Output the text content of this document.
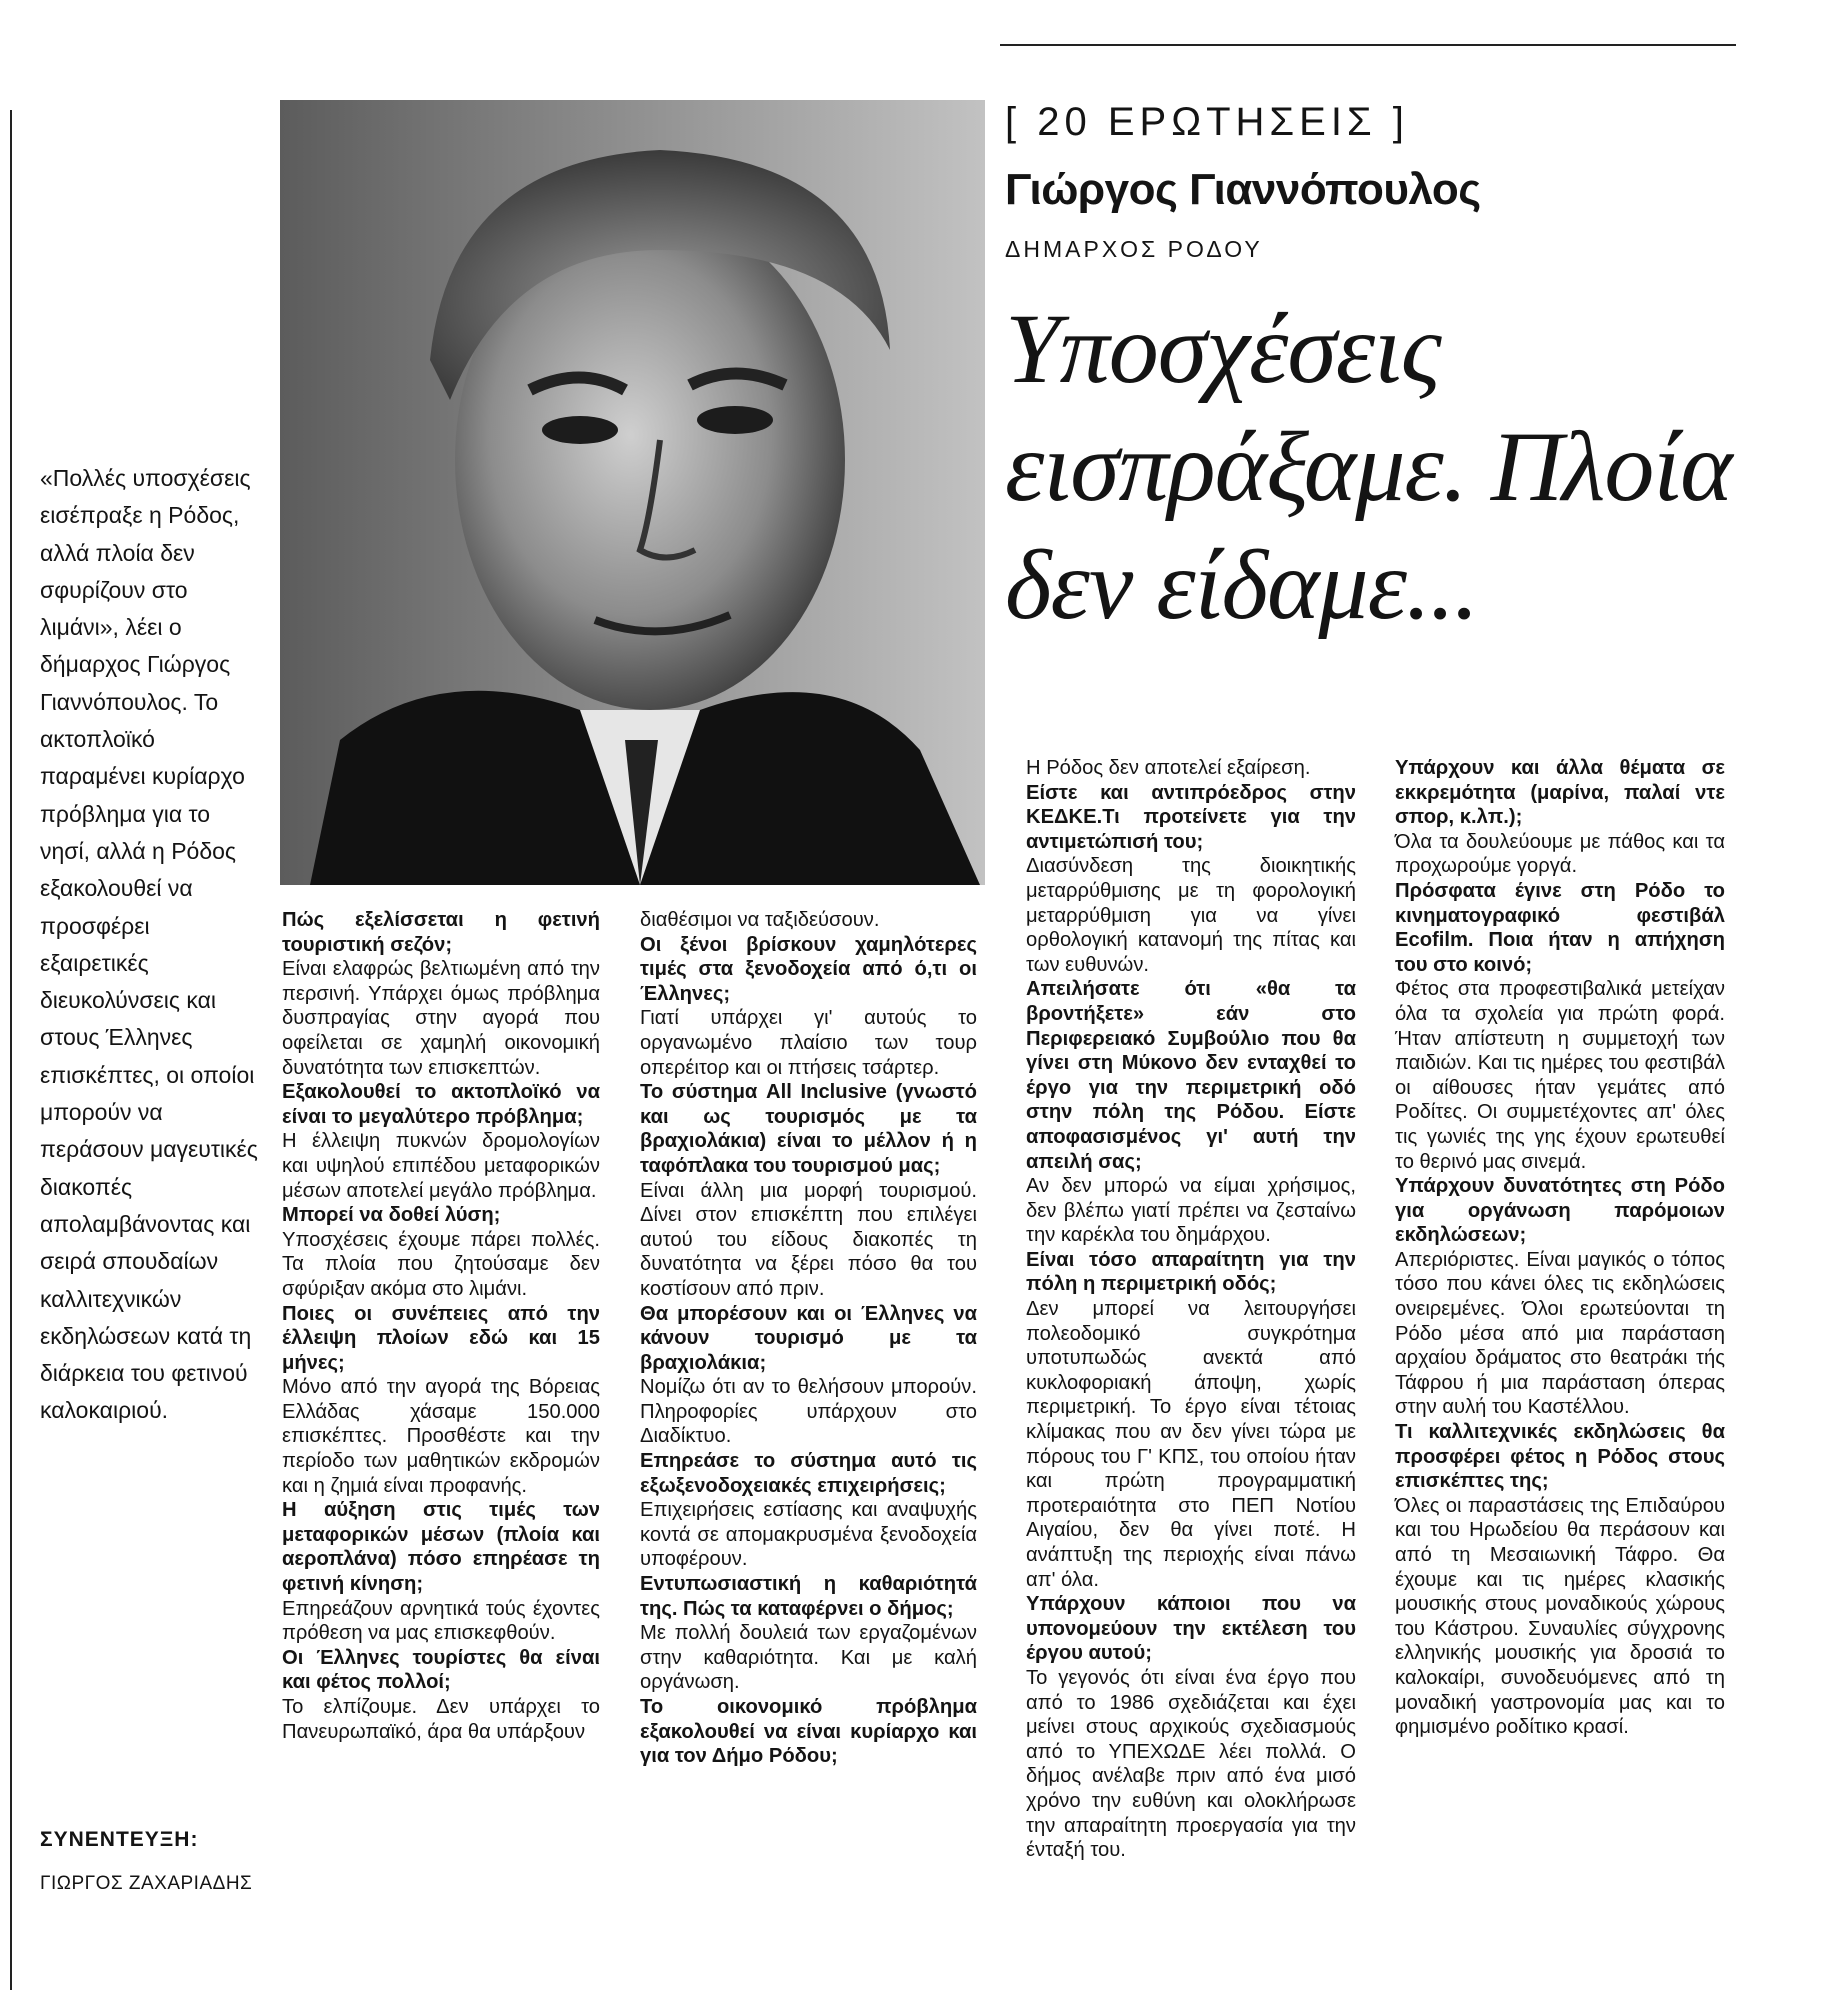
[ 20 ΕΡΩΤΗΣΕΙΣ ]
Γιώργος Γιαννόπουλος
ΔΗΜΑΡΧΟΣ ΡΟΔΟΥ
Υποσχέσεις εισπράξαμε. Πλοία δεν είδαμε...

«Πολλές υποσχέσεις εισέπραξε η Ρόδος, αλλά πλοία δεν σφυρίζουν στο λιμάνι», λέει ο δήμαρχος Γιώργος Γιαννόπουλος. Το ακτοπλοϊκό παραμένει κυρίαρχο πρόβλημα για το νησί, αλλά η Ρόδος εξακολουθεί να προσφέρει εξαιρετικές διευκολύνσεις και στους Έλληνες επισκέπτες, οι οποίοι μπορούν να περάσουν μαγευτικές διακοπές απολαμβάνοντας και σειρά σπουδαίων καλλιτεχνικών εκδηλώσεων κατά τη διάρκεια του φετινού καλοκαιριού.

ΣΥΝΕΝΤΕΥΞΗ:
ΓΙΩΡΓΟΣ ΖΑΧΑΡΙΑΔΗΣ

Πώς εξελίσσεται η φετινή τουριστική σεζόν;

Είναι ελαφρώς βελτιωμένη από την περσινή. Υπάρχει όμως πρόβλημα δυσπραγίας στην αγορά που οφείλεται σε χαμηλή οικονομική δυνατότητα των επισκεπτών.

Εξακολουθεί το ακτοπλοϊκό να είναι το μεγαλύτερο πρόβλημα;

Η έλλειψη πυκνών δρομολογίων και υψηλού επιπέδου μεταφορικών μέσων αποτελεί μεγάλο πρόβλημα.

Μπορεί να δοθεί λύση;

Υποσχέσεις έχουμε πάρει πολλές. Τα πλοία που ζητούσαμε δεν σφύριξαν ακόμα στο λιμάνι.

Ποιες οι συνέπειες από την έλλειψη πλοίων εδώ και 15 μήνες;

Μόνο από την αγορά της Βόρειας Ελλάδας χάσαμε 150.000 επισκέπτες. Προσθέστε και την περίοδο των μαθητικών εκδρομών και η ζημιά είναι προφανής.

Η αύξηση στις τιμές των μεταφορικών μέσων (πλοία και αεροπλάνα) πόσο επηρέασε τη φετινή κίνηση;

Επηρεάζουν αρνητικά τούς έχοντες πρόθεση να μας επισκεφθούν.

Οι Έλληνες τουρίστες θα είναι και φέτος πολλοί;

Το ελπίζουμε. Δεν υπάρχει το Πανευρωπαϊκό, άρα θα υπάρξουν

διαθέσιμοι να ταξιδεύσουν.

Οι ξένοι βρίσκουν χαμηλότερες τιμές στα ξενοδοχεία από ό,τι οι Έλληνες;

Γιατί υπάρχει γι' αυτούς το οργανωμένο πλαίσιο των τουρ οπερέιτορ και οι πτήσεις τσάρτερ.

Το σύστημα All Inclusive (γνωστό και ως τουρισμός με τα βραχιολάκια) είναι το μέλλον ή η ταφόπλακα του τουρισμού μας;

Είναι άλλη μια μορφή τουρισμού. Δίνει στον επισκέπτη που επιλέγει αυτού του είδους διακοπές τη δυνατότητα να ξέρει πόσο θα του κοστίσουν από πριν.

Θα μπορέσουν και οι Έλληνες να κάνουν τουρισμό με τα βραχιολάκια;

Νομίζω ότι αν το θελήσουν μπορούν. Πληροφορίες υπάρχουν στο Διαδίκτυο.

Επηρεάσε το σύστημα αυτό τις εξωξενοδοχειακές επιχειρήσεις;

Επιχειρήσεις εστίασης και αναψυχής κοντά σε απομακρυσμένα ξενοδοχεία υποφέρουν.

Εντυπωσιαστική η καθαριότητά της. Πώς τα καταφέρνει ο δήμος;

Με πολλή δουλειά των εργαζομένων στην καθαριότητα. Και με καλή οργάνωση.

Το οικονομικό πρόβλημα εξακολουθεί να είναι κυρίαρχο και για τον Δήμο Ρόδου;

Η Ρόδος δεν αποτελεί εξαίρεση.

Είστε και αντιπρόεδρος στην ΚΕΔΚΕ.Τι προτείνετε για την αντιμετώπισή του;

Διασύνδεση της διοικητικής μεταρρύθμισης με τη φορολογική μεταρρύθμιση για να γίνει ορθολογική κατανομή της πίτας και των ευθυνών.

Απειλήσατε ότι «θα τα βροντήξετε» εάν στο Περιφερειακό Συμβούλιο που θα γίνει στη Μύκονο δεν ενταχθεί το έργο για την περιμετρική οδό στην πόλη της Ρόδου. Είστε αποφασισμένος γι' αυτή την απειλή σας;

Αν δεν μπορώ να είμαι χρήσιμος, δεν βλέπω γιατί πρέπει να ζεσταίνω την καρέκλα του δημάρχου.

Είναι τόσο απαραίτητη για την πόλη η περιμετρική οδός;

Δεν μπορεί να λειτουργήσει πολεοδομικό συγκρότημα υποτυπωδώς ανεκτά από κυκλοφοριακή άποψη, χωρίς περιμετρική. Το έργο είναι τέτοιας κλίμακας που αν δεν γίνει τώρα με πόρους του Γ' ΚΠΣ, του οποίου ήταν και πρώτη προγραμματική προτεραιότητα στο ΠΕΠ Νοτίου Αιγαίου, δεν θα γίνει ποτέ. Η ανάπτυξη της περιοχής είναι πάνω απ' όλα.

Υπάρχουν κάποιοι που να υπονομεύουν την εκτέλεση του έργου αυτού;

Το γεγονός ότι είναι ένα έργο που από το 1986 σχεδιάζεται και έχει μείνει στους αρχικούς σχεδιασμούς από το ΥΠΕΧΩΔΕ λέει πολλά. Ο δήμος ανέλαβε πριν από ένα μισό χρόνο την ευθύνη και ολοκλήρωσε την απαραίτητη προεργασία για την ένταξή του.

Υπάρχουν και άλλα θέματα σε εκκρεμότητα (μαρίνα, παλαί ντε σπορ, κ.λπ.);

Όλα τα δουλεύουμε με πάθος και τα προχωρούμε γοργά.

Πρόσφατα έγινε στη Ρόδο το κινηματογραφικό φεστιβάλ Ecofilm. Ποια ήταν η απήχηση του στο κοινό;

Φέτος στα προφεστιβαλικά μετείχαν όλα τα σχολεία για πρώτη φορά. Ήταν απίστευτη η συμμετοχή των παιδιών. Και τις ημέρες του φεστιβάλ οι αίθουσες ήταν γεμάτες από Ροδίτες. Οι συμμετέχοντες απ' όλες τις γωνιές της γης έχουν ερωτευθεί το θερινό μας σινεμά.

Υπάρχουν δυνατότητες στη Ρόδο για οργάνωση παρόμοιων εκδηλώσεων;

Απεριόριστες. Είναι μαγικός ο τόπος τόσο που κάνει όλες τις εκδηλώσεις ονειρεμένες. Όλοι ερωτεύονται τη Ρόδο μέσα από μια παράσταση αρχαίου δράματος στο θεατράκι τής Τάφρου ή μια παράσταση όπερας στην αυλή του Καστέλλου.

Τι καλλιτεχνικές εκδηλώσεις θα προσφέρει φέτος η Ρόδος στους επισκέπτες της;

Όλες οι παραστάσεις της Επιδαύρου και του Ηρωδείου θα περάσουν και από τη Μεσαιωνική Τάφρο. Θα έχουμε και τις ημέρες κλασικής μουσικής στους μοναδικούς χώρους του Κάστρου. Συναυλίες σύγχρονης ελληνικής μουσικής για δροσιά το καλοκαίρι, συνοδευόμενες από τη μοναδική γαστρονομία μας και το φημισμένο ροδίτικο κρασί.
